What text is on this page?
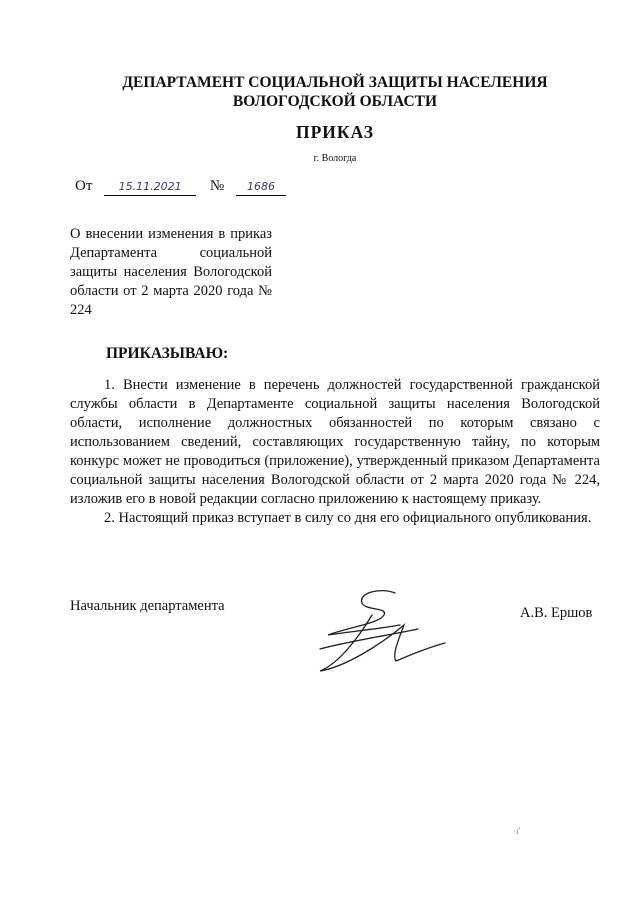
ДЕПАРТАМЕНТ СОЦИАЛЬНОЙ ЗАЩИТЫ НАСЕЛЕНИЯ
ВОЛОГОДСКОЙ ОБЛАСТИ
ПРИКАЗ
г. Вологда
От 15.11.2021 № 1686
О внесении изменения в приказ Департамента социальной защиты населения Вологодской области от 2 марта 2020 года № 224
ПРИКАЗЫВАЮ:

1. Внести изменение в перечень должностей государственной гражданской службы области в Департаменте социальной защиты населения Вологодской области, исполнение должностных обязанностей по которым связано с использованием сведений, составляющих государственную тайну, по которым конкурс может не проводиться (приложение), утвержденный приказом Департамента социальной защиты населения Вологодской области от 2 марта 2020 года № 224, изложив его в новой редакции согласно приложению к настоящему приказу.

2. Настоящий приказ вступает в силу со дня его официального опубликования.

Начальник департамента	А.В. Ершов
·ı'
